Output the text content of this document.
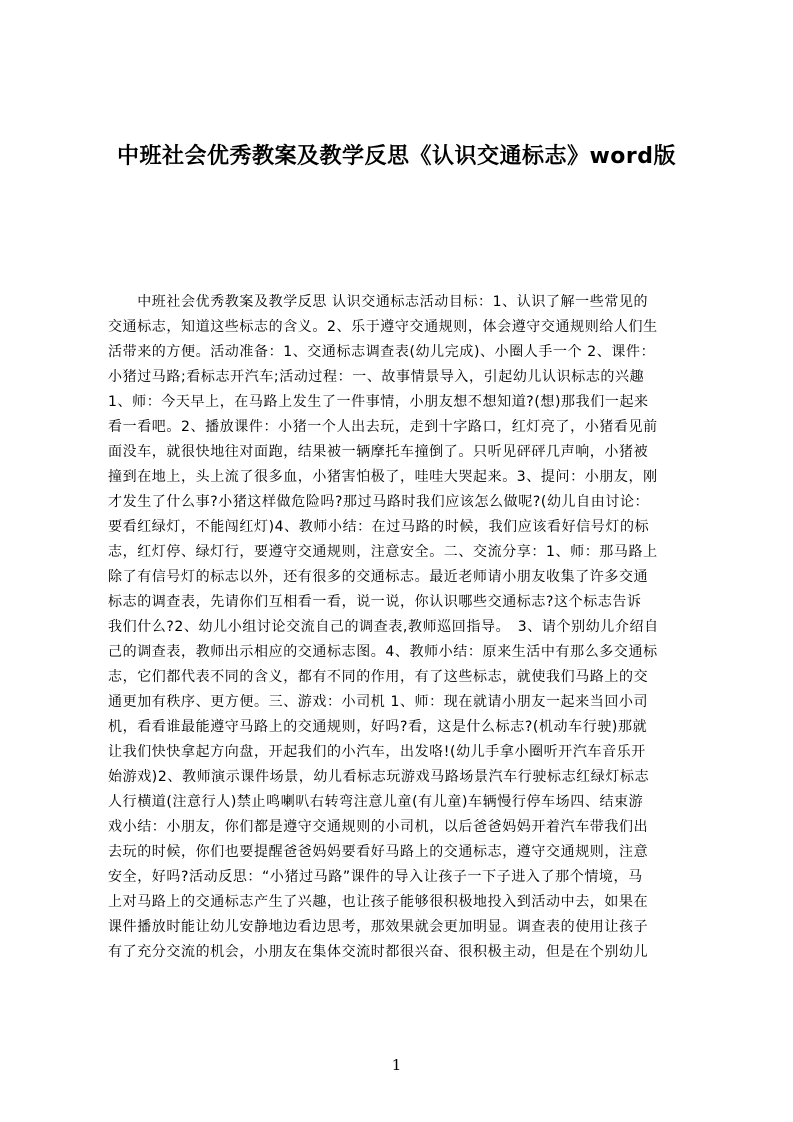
中班社会优秀教案及教学反思《认识交通标志》word版
　　中班社会优秀教案及教学反思 认识交通标志活动目标：1、认识了解一些常见的
交通标志，知道这些标志的含义。2、乐于遵守交通规则，体会遵守交通规则给人们生
活带来的方便。活动准备：1、交通标志调查表(幼儿完成)、小圈人手一个 2、课件：
小猪过马路;看标志开汽车;活动过程：一、故事情景导入，引起幼儿认识标志的兴趣
1、师：今天早上，在马路上发生了一件事情，小朋友想不想知道?(想)那我们一起来
看一看吧。2、播放课件：小猪一个人出去玩，走到十字路口，红灯亮了，小猪看见前
面没车，就很快地往对面跑，结果被一辆摩托车撞倒了。只听见砰砰几声响，小猪被
撞到在地上，头上流了很多血，小猪害怕极了，哇哇大哭起来。3、提问：小朋友，刚
才发生了什么事?小猪这样做危险吗?那过马路时我们应该怎么做呢?(幼儿自由讨论：
要看红绿灯，不能闯红灯)4、教师小结：在过马路的时候，我们应该看好信号灯的标
志，红灯停、绿灯行，要遵守交通规则，注意安全。二、交流分享：1、师：那马路上
除了有信号灯的标志以外，还有很多的交通标志。最近老师请小朋友收集了许多交通
标志的调查表，先请你们互相看一看，说一说，你认识哪些交通标志?这个标志告诉
我们什么?2、幼儿小组讨论交流自己的调查表,教师巡回指导。　3、请个别幼儿介绍自
己的调查表，教师出示相应的交通标志图。4、教师小结：原来生活中有那么多交通标
志，它们都代表不同的含义，都有不同的作用，有了这些标志，就使我们马路上的交
通更加有秩序、更方便。三、游戏：小司机 1、师：现在就请小朋友一起来当回小司
机，看看谁最能遵守马路上的交通规则，好吗?看，这是什么标志?(机动车行驶)那就
让我们快快拿起方向盘，开起我们的小汽车，出发咯!(幼儿手拿小圈听开汽车音乐开
始游戏)2、教师演示课件场景，幼儿看标志玩游戏马路场景汽车行驶标志红绿灯标志
人行横道(注意行人)禁止鸣喇叭右转弯注意儿童(有儿童)车辆慢行停车场四、结束游
戏小结：小朋友，你们都是遵守交通规则的小司机，以后爸爸妈妈开着汽车带我们出
去玩的时候，你们也要提醒爸爸妈妈要看好马路上的交通标志，遵守交通规则，注意
安全，好吗?活动反思：“小猪过马路”课件的导入让孩子一下子进入了那个情境，马
上对马路上的交通标志产生了兴趣，也让孩子能够很积极地投入到活动中去，如果在
课件播放时能让幼儿安静地边看边思考，那效果就会更加明显。调查表的使用让孩子
有了充分交流的机会，小朋友在集体交流时都很兴奋、很积极主动，但是在个别幼儿
1
